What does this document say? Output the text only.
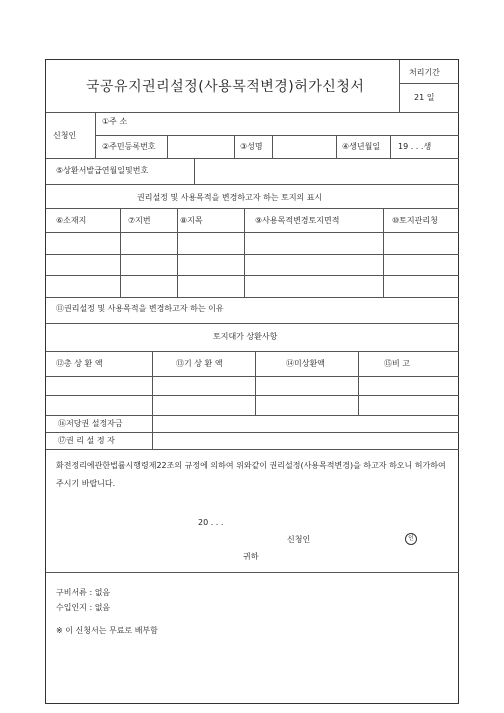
국공유지권리설정(사용목적변경)허가신청서
처리기간
21 일
신청인
①주 소
②주민등록번호	③성명	④생년월일 19 . . .생
⑤상환서발급연월일및번호
권리설정 및 사용목적을 변경하고자 하는 토지의 표시
⑥소재지	⑦지번	⑧지목	⑨사용목적변경토지면적	⑩토지관리청
⑪권리설정 및 사용목적을 변경하고자 하는 이유
토지대가 상환사항
⑫총 상 환 액	⑬기 상 환 액	⑭미상환액	⑮비 고
⑯저당권 설정자금
⑰권 리 설 정 자
화전정리에관한법률시행령제22조의 규정에 의하여 위와같이 권리설정(사용목적변경)을 하고자 하오니 허가하여 주시기 바랍니다.
20 . . .
신청인	인
귀하
구비서류 : 없음
수입인지 : 없음
※ 이 신청서는 무료로 배부함
